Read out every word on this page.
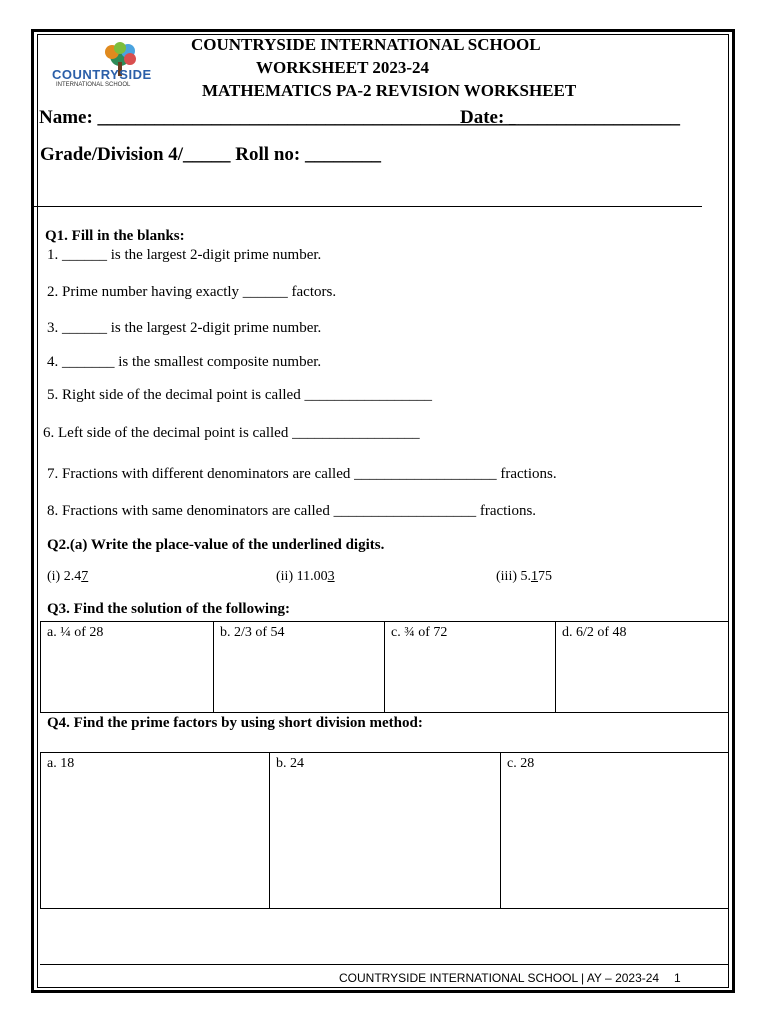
COUNTRYSIDE
INTERNATIONAL SCHOOL
COUNTRYSIDE INTERNATIONAL SCHOOL
WORKSHEET 2023-24
MATHEMATICS PA-2 REVISION WORKSHEET
Name: ____________________________________________
Date: __________________
Grade/Division 4/_____ Roll no: ________
Q1. Fill in the blanks:
1. ______ is the largest 2-digit prime number.
2. Prime number having exactly ______ factors.
3. ______ is the largest 2-digit prime number.
4. _______ is the smallest composite number.
5. Right side of the decimal point is called _________________
6. Left side of the decimal point is called _________________
7. Fractions with different denominators are called ___________________ fractions.
8. Fractions with same denominators are called ___________________ fractions.
Q2.(a) Write the place-value of the underlined digits.
(i) 2.47	(ii) 11.003	(iii) 5.175
Q3. Find the solution of the following:
a. ¼ of 28	b. 2/3 of 54	c. ¾ of 72	d. 6/2 of 48
Q4. Find the prime factors by using short division method:
a. 18	b. 24	c. 28
COUNTRYSIDE INTERNATIONAL SCHOOL | AY – 2023-24 1
